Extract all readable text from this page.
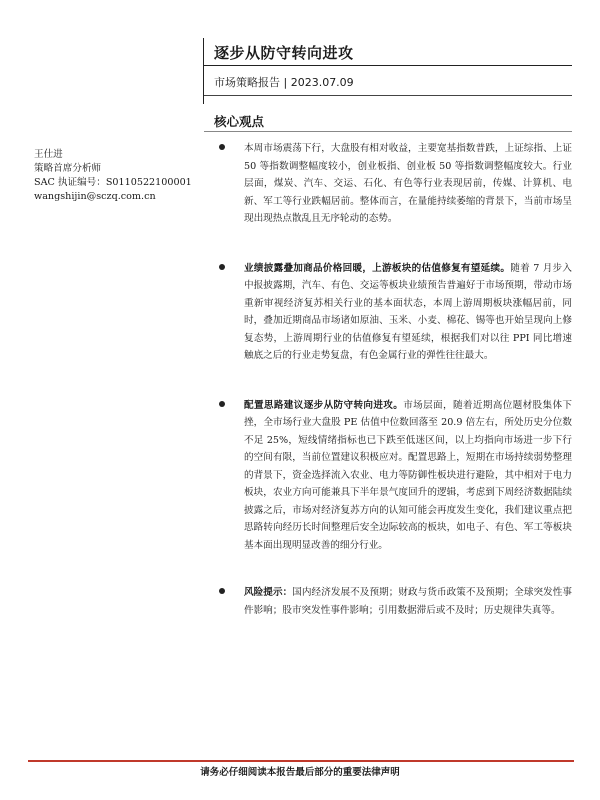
逐步从防守转向进攻
市场策略报告 | 2023.07.09
核心观点
王仕进
策略首席分析师
SAC 执证编号：S0110522100001
wangshijin@sczq.com.cn
本周市场震荡下行，大盘股有相对收益，主要宽基指数普跌，上证综指、上证 50 等指数调整幅度较小，创业板指、创业板 50 等指数调整幅度较大。行业层面，煤炭、汽车、交运、石化、有色等行业表现居前，传媒、计算机、电新、军工等行业跌幅居前。整体而言，在量能持续萎缩的背景下，当前市场呈现出现热点散乱且无序轮动的态势。
业绩披露叠加商品价格回暖，上游板块的估值修复有望延续。随着 7 月步入中报披露期，汽车、有色、交运等板块业绩预告普遍好于市场预期，带动市场重新审视经济复苏相关行业的基本面状态，本周上游周期板块涨幅居前，同时，叠加近期商品市场诸如原油、玉米、小麦、棉花、锡等也开始呈现向上修复态势，上游周期行业的估值修复有望延续，根据我们对以往 PPI 同比增速触底之后的行业走势复盘，有色金属行业的弹性往往最大。
配置思路建议逐步从防守转向进攻。市场层面，随着近期高位题材股集体下挫，全市场行业大盘股 PE 估值中位数回落至 20.9 倍左右，所处历史分位数不足 25%，短线情绪指标也已下跌至低迷区间，以上均指向市场进一步下行的空间有限，当前位置建议积极应对。配置思路上，短期在市场持续弱势整理的背景下，资金选择流入农业、电力等防御性板块进行避险，其中相对于电力板块，农业方向可能兼具下半年景气度回升的逻辑，考虑到下周经济数据陆续披露之后，市场对经济复苏方向的认知可能会再度发生变化，我们建议重点把思路转向经历长时间整理后安全边际较高的板块，如电子、有色、军工等板块基本面出现明显改善的细分行业。
风险提示：国内经济发展不及预期；财政与货币政策不及预期；全球突发性事件影响；股市突发性事件影响；引用数据滞后或不及时；历史规律失真等。
请务必仔细阅读本报告最后部分的重要法律声明
